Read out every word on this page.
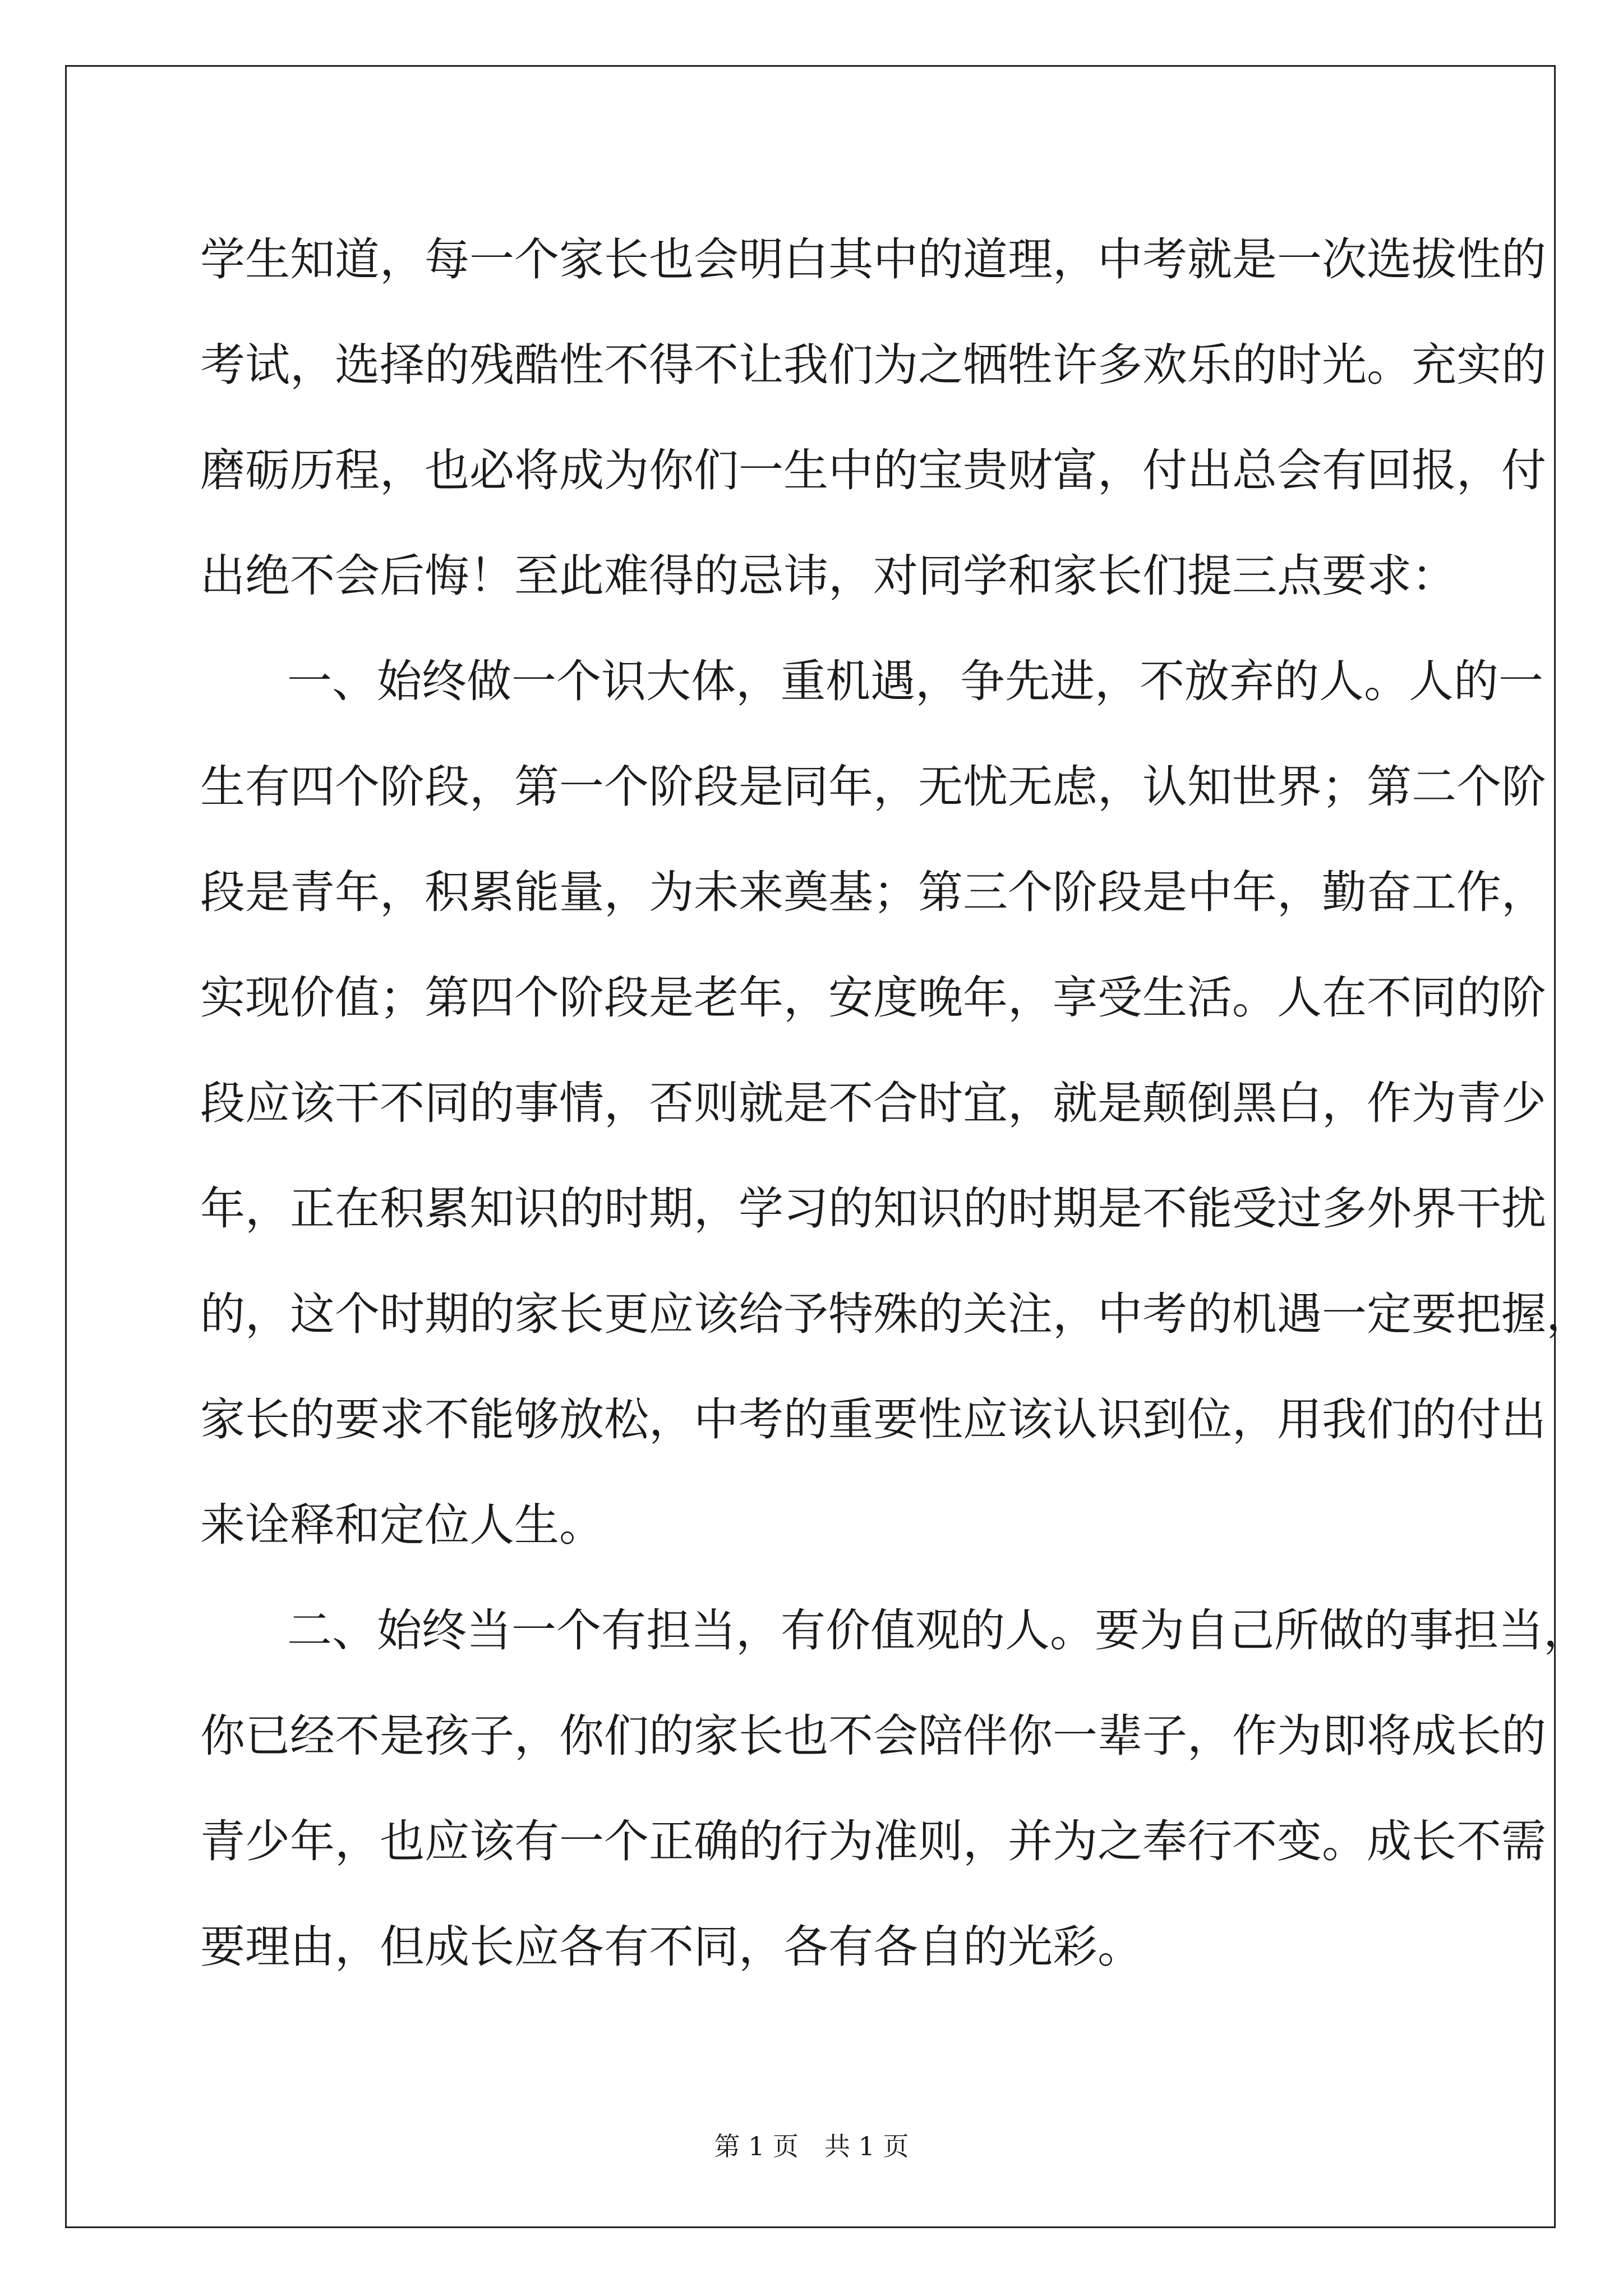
学生知道，每一个家长也会明白其中的道理，中考就是一次选拔性的
考试，选择的残酷性不得不让我们为之牺牲许多欢乐的时光。充实的
磨砺历程，也必将成为你们一生中的宝贵财富，付出总会有回报，付
出绝不会后悔！至此难得的忌讳，对同学和家长们提三点要求：
一、始终做一个识大体，重机遇，争先进，不放弃的人。人的一
生有四个阶段，第一个阶段是同年，无忧无虑，认知世界；第二个阶
段是青年，积累能量，为未来奠基；第三个阶段是中年，勤奋工作，
实现价值；第四个阶段是老年，安度晚年，享受生活。人在不同的阶
段应该干不同的事情，否则就是不合时宜，就是颠倒黑白，作为青少
年，正在积累知识的时期，学习的知识的时期是不能受过多外界干扰
的，这个时期的家长更应该给予特殊的关注，中考的机遇一定要把握，
家长的要求不能够放松，中考的重要性应该认识到位，用我们的付出
来诠释和定位人生。
二、始终当一个有担当，有价值观的人。要为自己所做的事担当，
你已经不是孩子，你们的家长也不会陪伴你一辈子，作为即将成长的
青少年，也应该有一个正确的行为准则，并为之奉行不变。成长不需
要理由，但成长应各有不同，各有各自的光彩。
第 1 页　共 1 页
